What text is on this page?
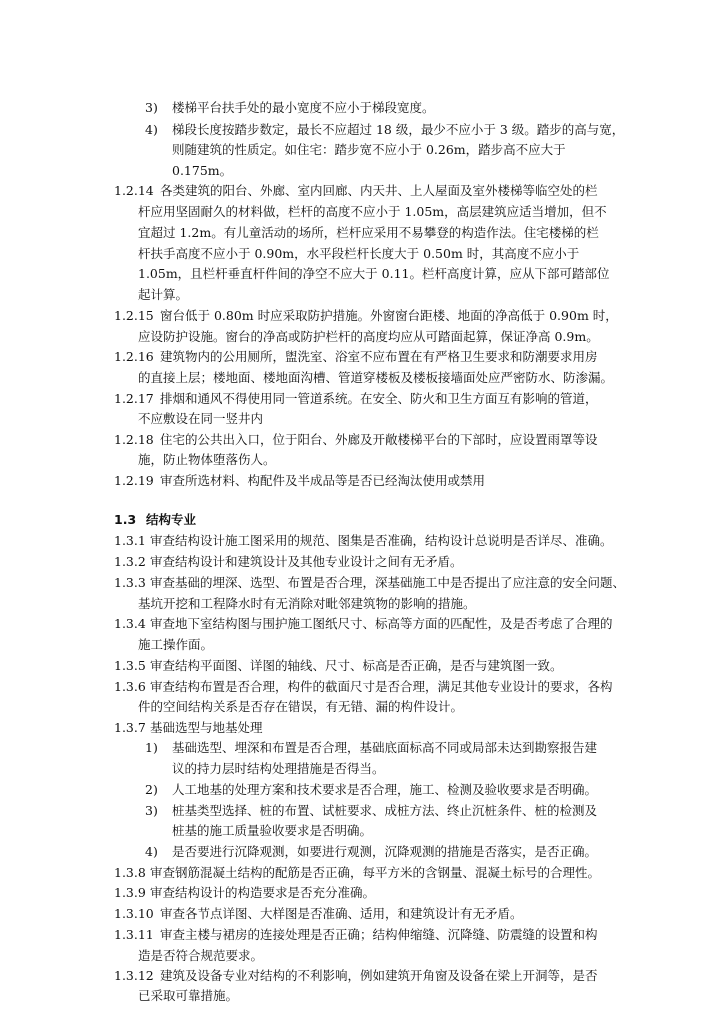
3) 楼梯平台扶手处的最小宽度不应小于梯段宽度。
4) 梯段长度按踏步数定，最长不应超过 18 级，最少不应小于 3 级。踏步的高与宽，
则随建筑的性质定。如住宅：踏步宽不应小于 0.26m，踏步高不应大于
0.175m。
1.2.14 各类建筑的阳台、外廊、室内回廊、内天井、上人屋面及室外楼梯等临空处的栏
杆应用坚固耐久的材料做，栏杆的高度不应小于 1.05m，高层建筑应适当增加，但不
宜超过 1.2m。有儿童活动的场所，栏杆应采用不易攀登的构造作法。住宅楼梯的栏
杆扶手高度不应小于 0.90m，水平段栏杆长度大于 0.50m 时，其高度不应小于
1.05m，且栏杆垂直杆件间的净空不应大于 0.11。栏杆高度计算，应从下部可踏部位
起计算。
1.2.15 窗台低于 0.80m 时应采取防护措施。外窗窗台距楼、地面的净高低于 0.90m 时，
应设防护设施。窗台的净高或防护栏杆的高度均应从可踏面起算，保证净高 0.9m。
1.2.16 建筑物内的公用厕所，盥洗室、浴室不应布置在有严格卫生要求和防潮要求用房
的直接上层；楼地面、楼地面沟槽、管道穿楼板及楼板接墙面处应严密防水、防渗漏。
1.2.17 排烟和通风不得使用同一管道系统。在安全、防火和卫生方面互有影响的管道，
不应敷设在同一竖井内
1.2.18 住宅的公共出入口，位于阳台、外廊及开敞楼梯平台的下部时，应设置雨罩等设
施，防止物体堕落伤人。
1.2.19 审查所选材料、构配件及半成品等是否已经淘汰使用或禁用
1.3 结构专业
1.3.1 审查结构设计施工图采用的规范、图集是否准确，结构设计总说明是否详尽、准确。
1.3.2 审查结构设计和建筑设计及其他专业设计之间有无矛盾。
1.3.3 审查基础的埋深、选型、布置是否合理，深基础施工中是否提出了应注意的安全问题、
基坑开挖和工程降水时有无消除对毗邻建筑物的影响的措施。
1.3.4 审查地下室结构图与围护施工图纸尺寸、标高等方面的匹配性，及是否考虑了合理的
施工操作面。
1.3.5 审查结构平面图、详图的轴线、尺寸、标高是否正确，是否与建筑图一致。
1.3.6 审查结构布置是否合理，构件的截面尺寸是否合理，满足其他专业设计的要求，各构
件的空间结构关系是否存在错误，有无错、漏的构件设计。
1.3.7 基础选型与地基处理
1) 基础选型、埋深和布置是否合理，基础底面标高不同或局部未达到勘察报告建
议的持力层时结构处理措施是否得当。
2) 人工地基的处理方案和技术要求是否合理，施工、检测及验收要求是否明确。
3) 桩基类型选择、桩的布置、试桩要求、成桩方法、终止沉桩条件、桩的检测及
桩基的施工质量验收要求是否明确。
4) 是否要进行沉降观测，如要进行观测，沉降观测的措施是否落实，是否正确。
1.3.8 审查钢筋混凝土结构的配筋是否正确，每平方米的含钢量、混凝土标号的合理性。
1.3.9 审查结构设计的构造要求是否充分准确。
1.3.10 审查各节点详图、大样图是否准确、适用，和建筑设计有无矛盾。
1.3.11 审查主楼与裙房的连接处理是否正确；结构伸缩缝、沉降缝、防震缝的设置和构
造是否符合规范要求。
1.3.12 建筑及设备专业对结构的不利影响，例如建筑开角窗及设备在梁上开洞等，是否
已采取可靠措施。
